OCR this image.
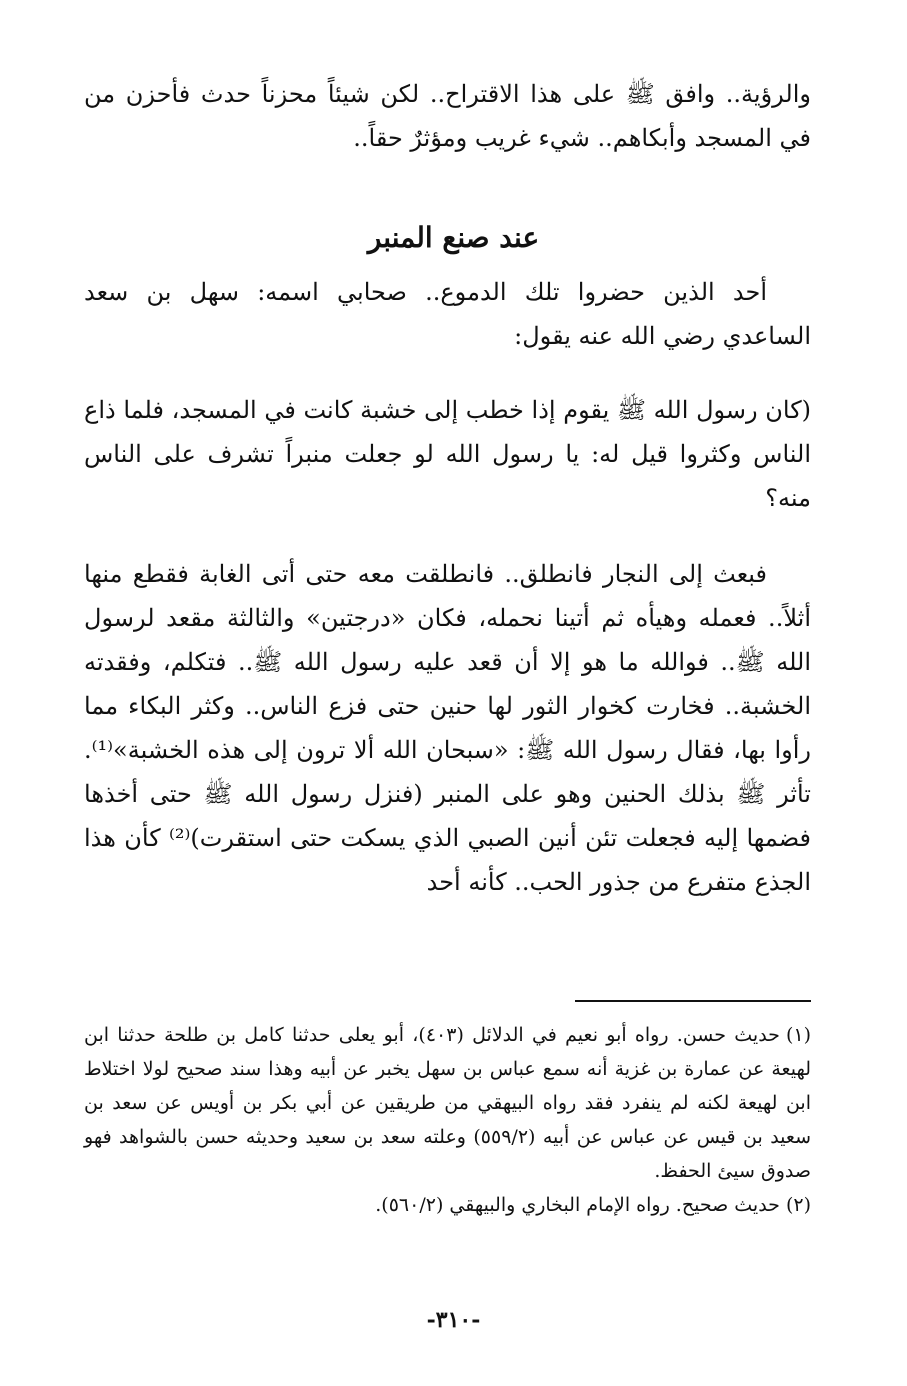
والرؤية.. وافق ﷺ على هذا الاقتراح.. لكن شيئاً محزناً حدث فأحزن من في المسجد وأبكاهم.. شيء غريب ومؤثرٌ حقاً..

عند صنع المنبر

أحد الذين حضروا تلك الدموع.. صحابي اسمه: سهل بن سعد الساعدي رضي الله عنه يقول:

(كان رسول الله ﷺ يقوم إذا خطب إلى خشبة كانت في المسجد، فلما ذاع الناس وكثروا قيل له: يا رسول الله لو جعلت منبراً تشرف على الناس منه؟

فبعث إلى النجار فانطلق.. فانطلقت معه حتى أتى الغابة فقطع منها أثلاً.. فعمله وهيأه ثم أتينا نحمله، فكان «درجتين» والثالثة مقعد لرسول الله ﷺ.. فوالله ما هو إلا أن قعد عليه رسول الله ﷺ.. فتكلم، وفقدته الخشبة.. فخارت كخوار الثور لها حنين حتى فزع الناس.. وكثر البكاء مما رأوا بها، فقال رسول الله ﷺ: «سبحان الله ألا ترون إلى هذه الخشبة»⁽¹⁾. تأثر ﷺ بذلك الحنين وهو على المنبر (فنزل رسول الله ﷺ حتى أخذها فضمها إليه فجعلت تئن أنين الصبي الذي يسكت حتى استقرت)⁽²⁾ كأن هذا الجذع متفرع من جذور الحب.. كأنه أحد

(١)حديث حسن. رواه أبو نعيم في الدلائل (٤٠٣)، أبو يعلى حدثنا كامل بن طلحة حدثنا ابن لهيعة عن عمارة بن غزية أنه سمع عباس بن سهل يخبر عن أبيه وهذا سند صحيح لولا اختلاط ابن لهيعة لكنه لم ينفرد فقد رواه البيهقي من طريقين عن أبي بكر بن أويس عن سعد بن سعيد بن قيس عن عباس عن أبيه (٥٥٩/٢) وعلته سعد بن سعيد وحديثه حسن بالشواهد فهو صدوق سيئ الحفظ.
(٢)حديث صحيح. رواه الإمام البخاري والبيهقي (٥٦٠/٢).

-٣١٠-
